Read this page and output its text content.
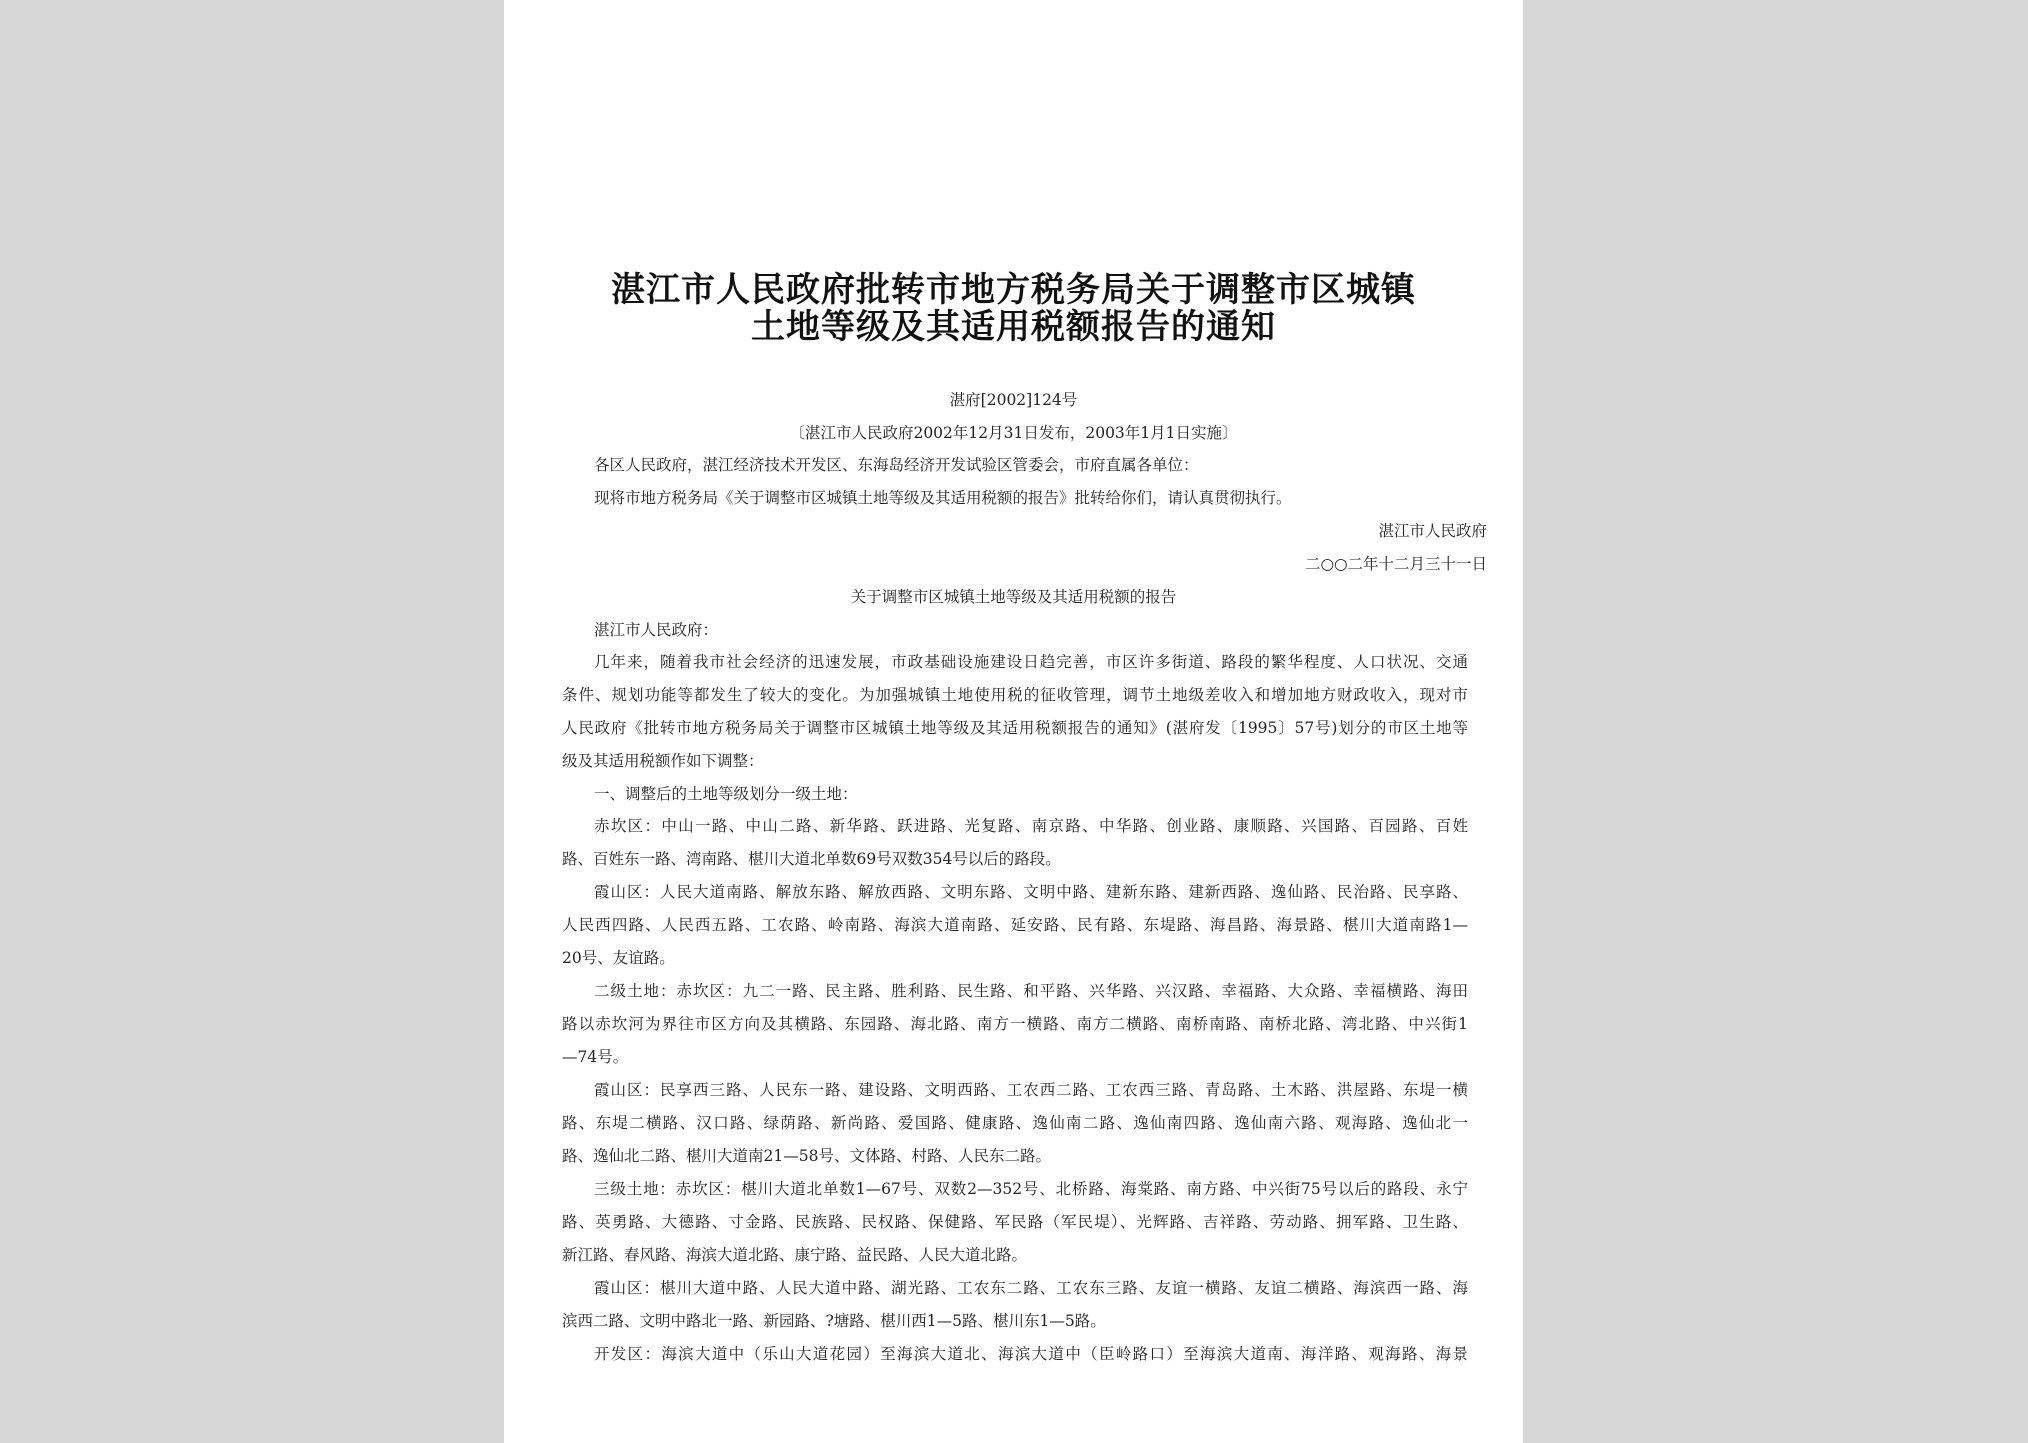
湛江市人民政府批转市地方税务局关于调整市区城镇
土地等级及其适用税额报告的通知
湛府[2002]124号
〔湛江市人民政府2002年12月31日发布，2003年1月1日实施〕
各区人民政府，湛江经济技术开发区、东海岛经济开发试验区管委会，市府直属各单位：
现将市地方税务局《关于调整市区城镇土地等级及其适用税额的报告》批转给你们，请认真贯彻执行。
湛江市人民政府
二○○二年十二月三十一日
关于调整市区城镇土地等级及其适用税额的报告
湛江市人民政府：
几年来，随着我市社会经济的迅速发展，市政基础设施建设日趋完善，市区许多街道、路段的繁华程度、人口状况、交通
条件、规划功能等都发生了较大的变化。为加强城镇土地使用税的征收管理，调节土地级差收入和增加地方财政收入，现对市
人民政府《批转市地方税务局关于调整市区城镇土地等级及其适用税额报告的通知》(湛府发〔1995〕57号)划分的市区土地等
级及其适用税额作如下调整：
一、调整后的土地等级划分一级土地：
赤坎区：中山一路、中山二路、新华路、跃进路、光复路、南京路、中华路、创业路、康顺路、兴国路、百园路、百姓
路、百姓东一路、湾南路、椹川大道北单数69号双数354号以后的路段。
霞山区：人民大道南路、解放东路、解放西路、文明东路、文明中路、建新东路、建新西路、逸仙路、民治路、民享路、
人民西四路、人民西五路、工农路、岭南路、海滨大道南路、延安路、民有路、东堤路、海昌路、海景路、椹川大道南路1—
20号、友谊路。
二级土地：赤坎区：九二一路、民主路、胜利路、民生路、和平路、兴华路、兴汉路、幸福路、大众路、幸福横路、海田
路以赤坎河为界往市区方向及其横路、东园路、海北路、南方一横路、南方二横路、南桥南路、南桥北路、湾北路、中兴街1
—74号。
霞山区：民享西三路、人民东一路、建设路、文明西路、工农西二路、工农西三路、青岛路、土木路、洪屋路、东堤一横
路、东堤二横路、汉口路、绿荫路、新尚路、爱国路、健康路、逸仙南二路、逸仙南四路、逸仙南六路、观海路、逸仙北一
路、逸仙北二路、椹川大道南21—58号、文体路、村路、人民东二路。
三级土地：赤坎区：椹川大道北单数1—67号、双数2—352号、北桥路、海棠路、南方路、中兴街75号以后的路段、永宁
路、英勇路、大德路、寸金路、民族路、民权路、保健路、军民路（军民堤）、光辉路、吉祥路、劳动路、拥军路、卫生路、
新江路、春风路、海滨大道北路、康宁路、益民路、人民大道北路。
霞山区：椹川大道中路、人民大道中路、湖光路、工农东二路、工农东三路、友谊一横路、友谊二横路、海滨西一路、海
滨西二路、文明中路北一路、新园路、?塘路、椹川西1—5路、椹川东1—5路。
开发区：海滨大道中（乐山大道花园）至海滨大道北、海滨大道中（臣岭路口）至海滨大道南、海洋路、观海路、海景
